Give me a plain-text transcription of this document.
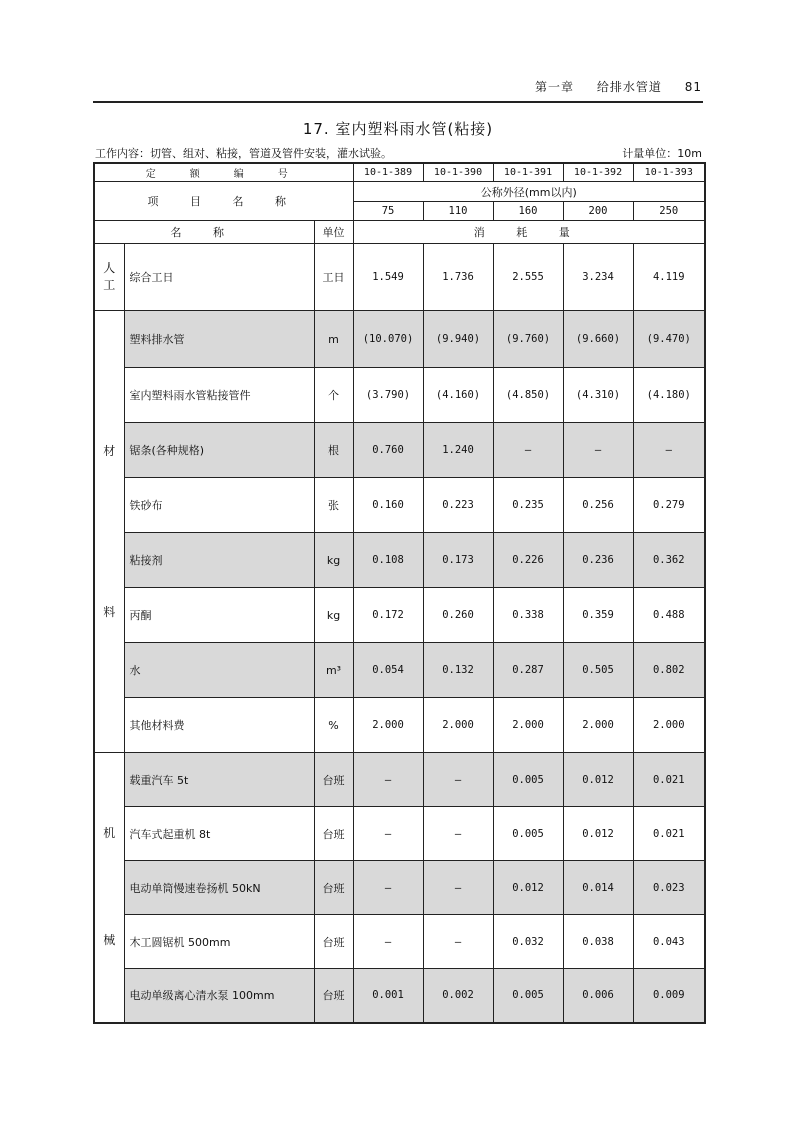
第一章 给排水管道 81
17. 室内塑料雨水管(粘接)
工作内容：切管、组对、粘接，管道及管件安装，灌水试验。	计量单位：10m
定 额 编 号			10-1-389	10-1-390	10-1-391	10-1-392	10-1-393
项 目 名 称			公称外径(mm以内)				
			75	110	160	200	250
名 称		单位	消 耗 量				

人
工	综合工日	工日	1.549	1.736	2.555	3.234	4.119

材
料	塑料排水管	m	(10.070)	(9.940)	(9.760)	(9.660)	(9.470)
	室内塑料雨水管粘接管件	个	(3.790)	(4.160)	(4.850)	(4.310)	(4.180)
	锯条(各种规格)	根	0.760	1.240	—	—	—
	铁砂布	张	0.160	0.223	0.235	0.256	0.279
	粘接剂	kg	0.108	0.173	0.226	0.236	0.362
	丙酮	kg	0.172	0.260	0.338	0.359	0.488
	水	m³	0.054	0.132	0.287	0.505	0.802
	其他材料费	%	2.000	2.000	2.000	2.000	2.000

机
械	载重汽车 5t	台班	—	—	0.005	0.012	0.021
	汽车式起重机 8t	台班	—	—	0.005	0.012	0.021
	电动单筒慢速卷扬机 50kN	台班	—	—	0.012	0.014	0.023
	木工圆锯机 500mm	台班	—	—	0.032	0.038	0.043
	电动单级离心清水泵 100mm	台班	0.001	0.002	0.005	0.006	0.009
